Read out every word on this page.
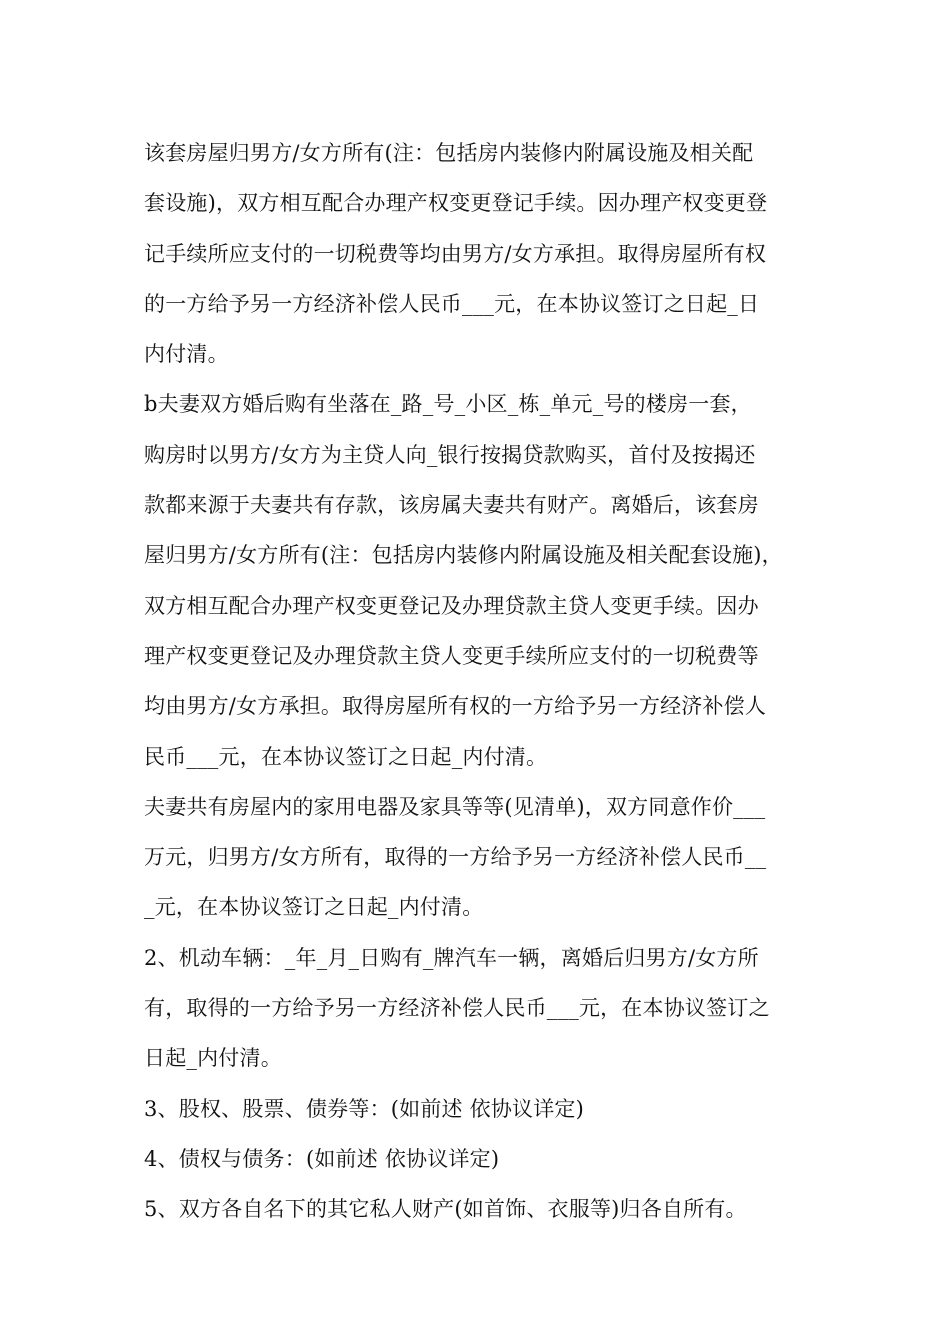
该套房屋归男方/女方所有(注：包括房内装修内附属设施及相关配
套设施)，双方相互配合办理产权变更登记手续。因办理产权变更登
记手续所应支付的一切税费等均由男方/女方承担。取得房屋所有权
的一方给予另一方经济补偿人民币___元，在本协议签订之日起_日
内付清。
b夫妻双方婚后购有坐落在_路_号_小区_栋_单元_号的楼房一套，
购房时以男方/女方为主贷人向_银行按揭贷款购买，首付及按揭还
款都来源于夫妻共有存款，该房属夫妻共有财产。离婚后，该套房
屋归男方/女方所有(注：包括房内装修内附属设施及相关配套设施)，
双方相互配合办理产权变更登记及办理贷款主贷人变更手续。因办
理产权变更登记及办理贷款主贷人变更手续所应支付的一切税费等
均由男方/女方承担。取得房屋所有权的一方给予另一方经济补偿人
民币___元，在本协议签订之日起_内付清。
夫妻共有房屋内的家用电器及家具等等(见清单)，双方同意作价___
万元，归男方/女方所有，取得的一方给予另一方经济补偿人民币__
_元，在本协议签订之日起_内付清。
2、机动车辆：_年_月_日购有_牌汽车一辆，离婚后归男方/女方所
有，取得的一方给予另一方经济补偿人民币___元，在本协议签订之
日起_内付清。
3、股权、股票、债券等：(如前述 依协议详定)
4、债权与债务：(如前述 依协议详定)
5、双方各自名下的其它私人财产(如首饰、衣服等)归各自所有。
